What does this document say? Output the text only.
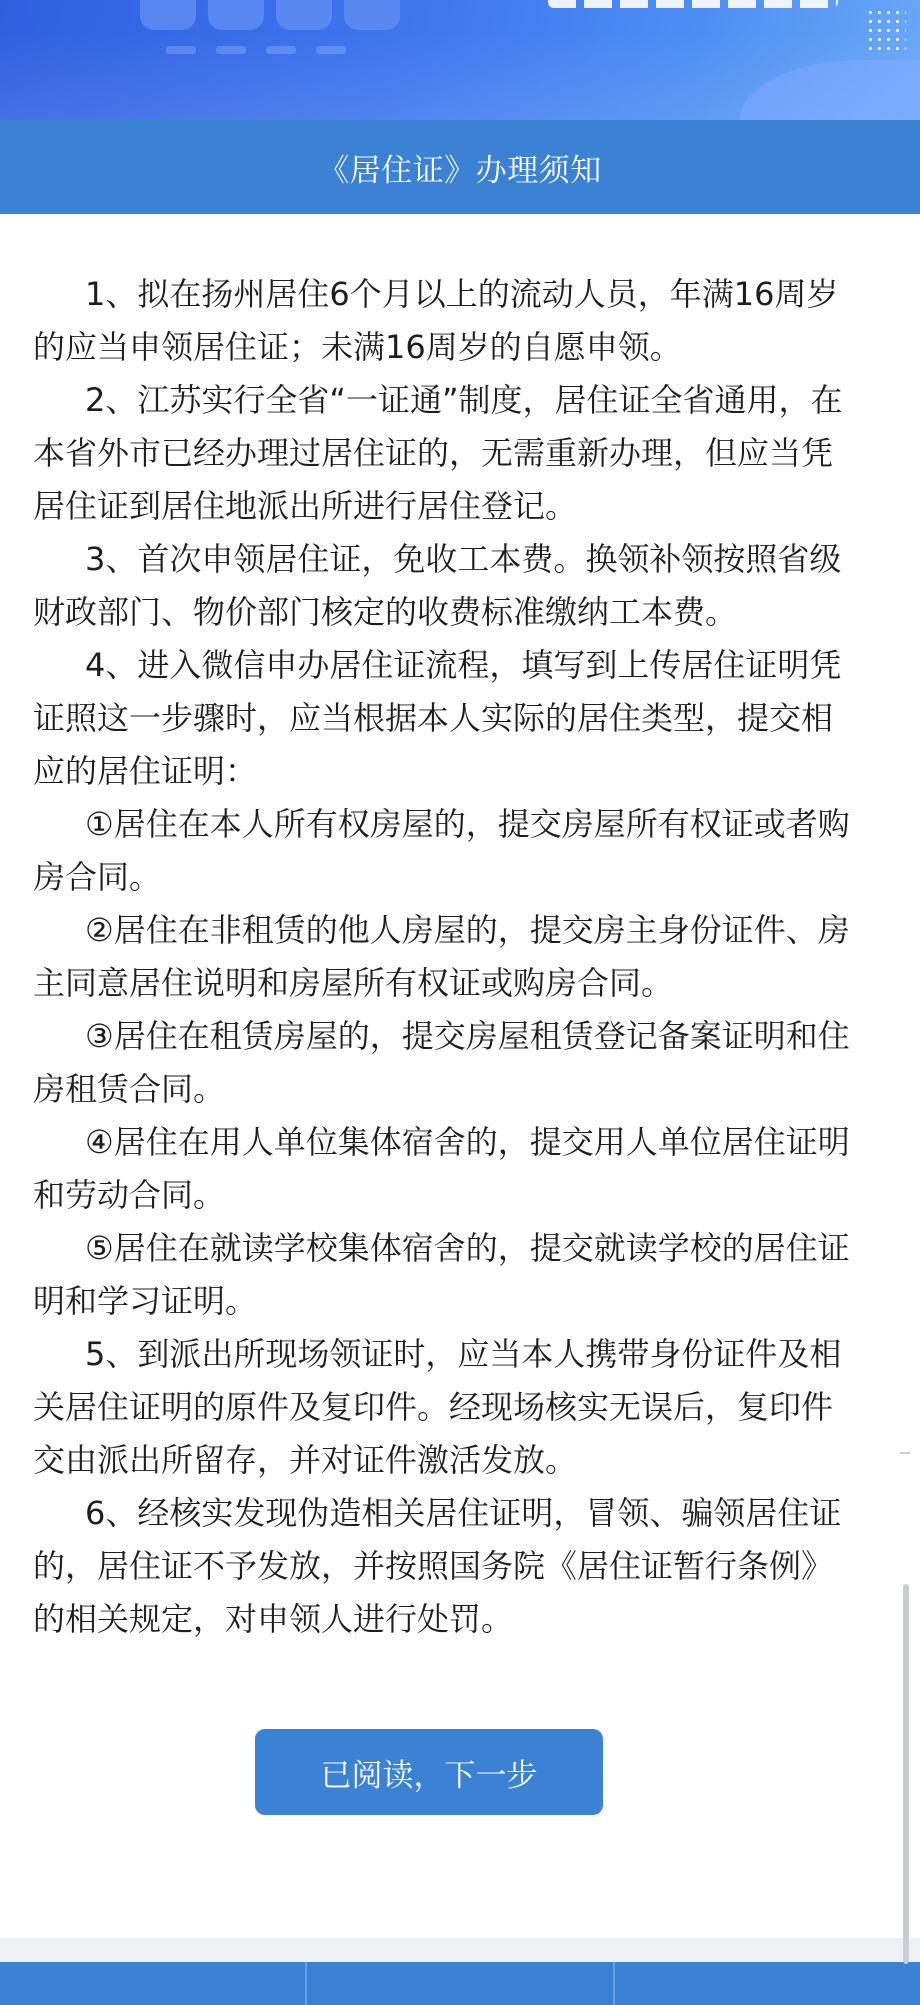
《居住证》办理须知

1、拟在扬州居住6个月以上的流动人员，年满16周岁的应当申领居住证；未满16周岁的自愿申领。

2、江苏实行全省“一证通”制度，居住证全省通用，在本省外市已经办理过居住证的，无需重新办理，但应当凭居住证到居住地派出所进行居住登记。

3、首次申领居住证，免收工本费。换领补领按照省级财政部门、物价部门核定的收费标准缴纳工本费。

4、进入微信申办居住证流程，填写到上传居住证明凭证照这一步骤时，应当根据本人实际的居住类型，提交相应的居住证明：

①居住在本人所有权房屋的，提交房屋所有权证或者购房合同。

②居住在非租赁的他人房屋的，提交房主身份证件、房主同意居住说明和房屋所有权证或购房合同。

③居住在租赁房屋的，提交房屋租赁登记备案证明和住房租赁合同。

④居住在用人单位集体宿舍的，提交用人单位居住证明和劳动合同。

⑤居住在就读学校集体宿舍的，提交就读学校的居住证明和学习证明。

5、到派出所现场领证时，应当本人携带身份证件及相关居住证明的原件及复印件。经现场核实无误后，复印件交由派出所留存，并对证件激活发放。

6、经核实发现伪造相关居住证明，冒领、骗领居住证的，居住证不予发放，并按照国务院《居住证暂行条例》的相关规定，对申领人进行处罚。

已阅读，下一步
